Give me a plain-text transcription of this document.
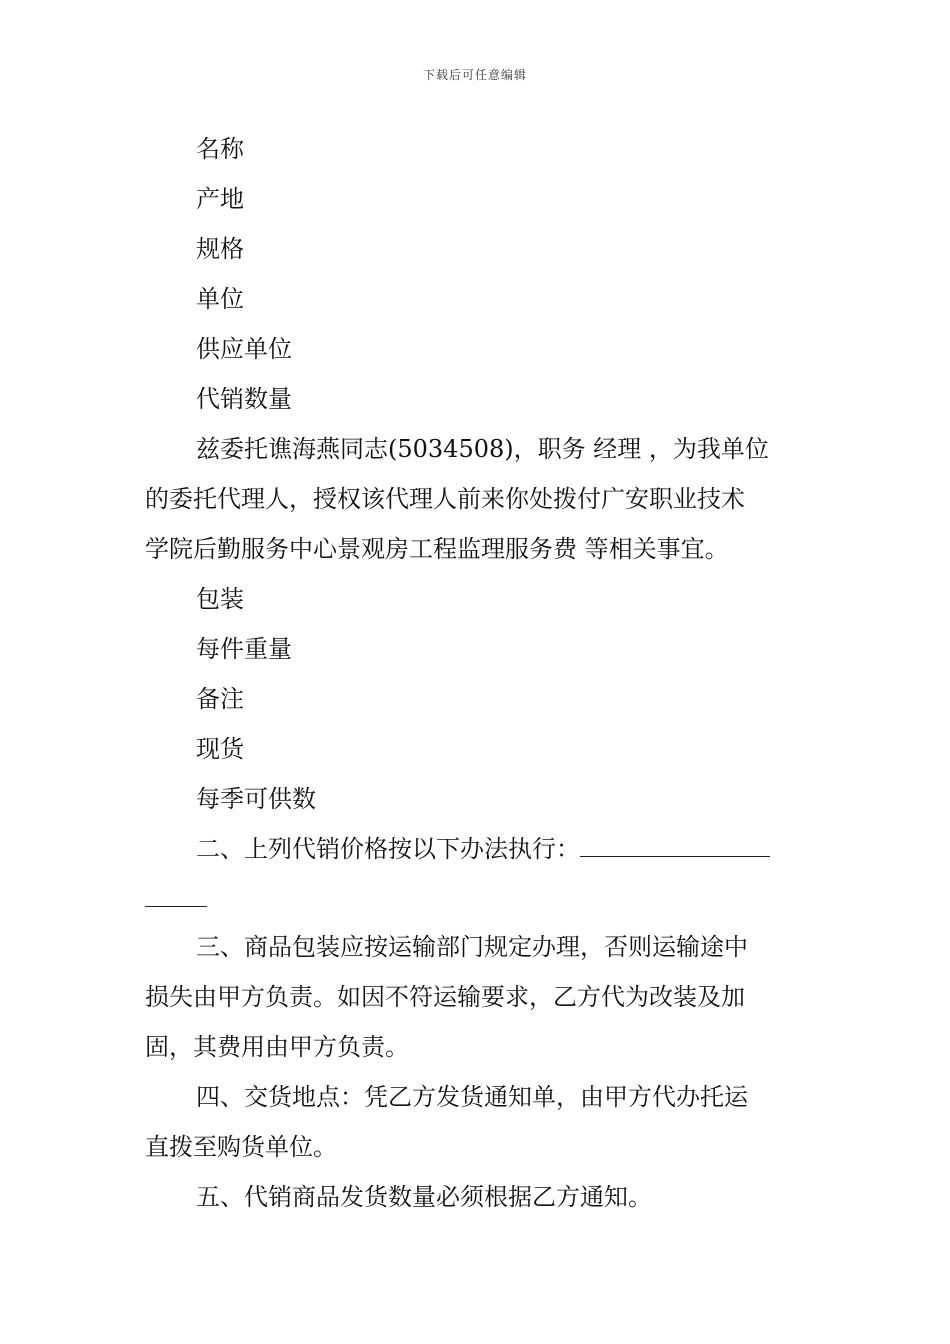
下载后可任意编辑
名称
产地
规格
单位
供应单位
代销数量
兹委托谯海燕同志(5034508)，职务 经理 ，为我单位
的委托代理人，授权该代理人前来你处拨付广安职业技术
学院后勤服务中心景观房工程监理服务费 等相关事宜。
包装
每件重量
备注
现货
每季可供数
二、上列代销价格按以下办法执行：
三、商品包装应按运输部门规定办理，否则运输途中
损失由甲方负责。如因不符运输要求，乙方代为改装及加
固，其费用由甲方负责。
四、交货地点：凭乙方发货通知单，由甲方代办托运
直拨至购货单位。
五、代销商品发货数量必须根据乙方通知。
